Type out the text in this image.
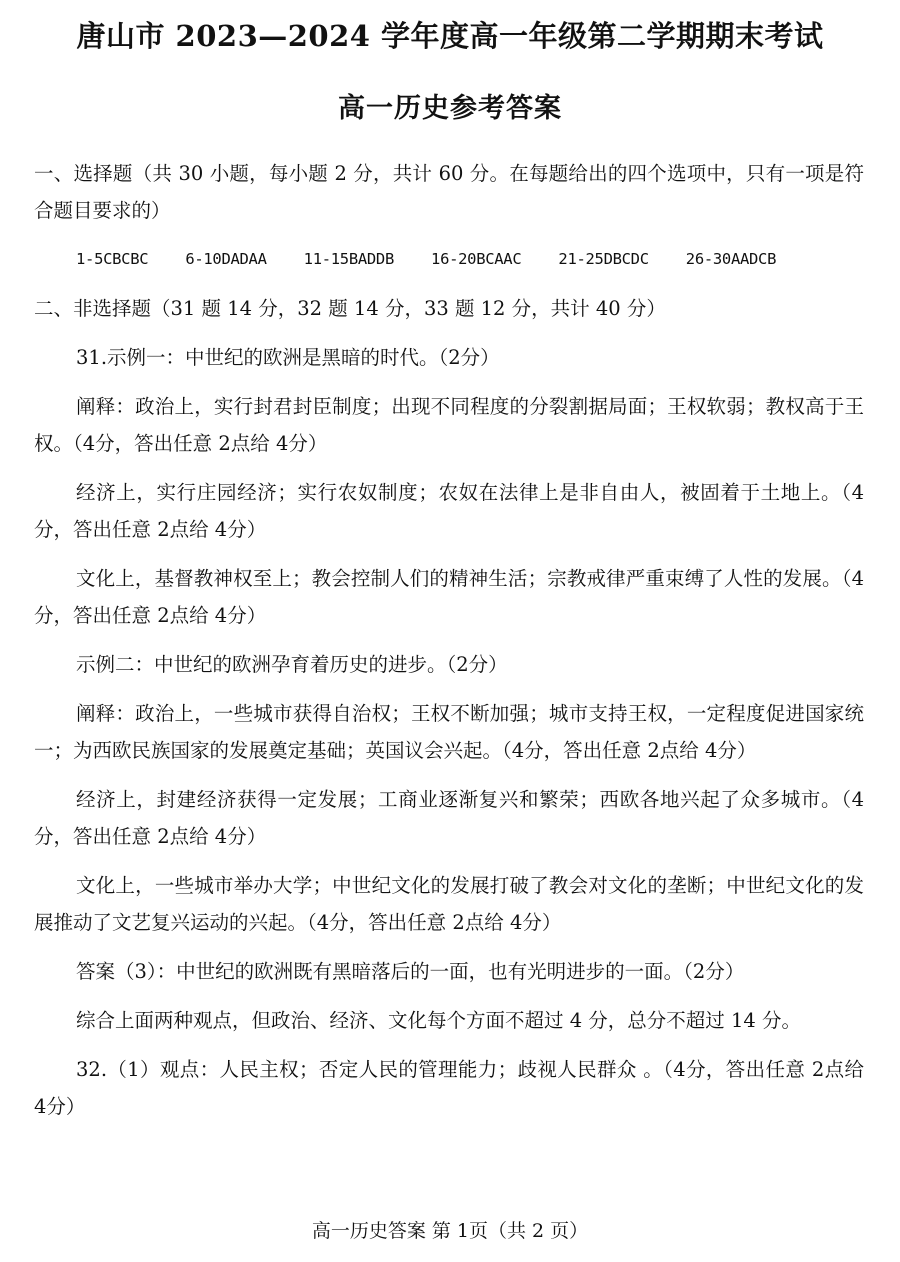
唐山市 2023—2024 学年度高一年级第二学期期末考试
高一历史参考答案

一、选择题（共 30 小题，每小题 2 分，共计 60 分。在每题给出的四个选项中，只有一项是符合题目要求的）

1-5CBCBC 6-10DADAA 11-15BADDB 16-20BCAAC 21-25DBCDC 26-30AADCB

二、非选择题（31 题 14 分，32 题 14 分，33 题 12 分，共计 40 分）

31.示例一：中世纪的欧洲是黑暗的时代。（2分）

阐释：政治上，实行封君封臣制度；出现不同程度的分裂割据局面；王权软弱；教权高于王权。（4分，答出任意 2点给 4分）

经济上，实行庄园经济；实行农奴制度；农奴在法律上是非自由人，被固着于土地上。（4分，答出任意 2点给 4分）

文化上，基督教神权至上；教会控制人们的精神生活；宗教戒律严重束缚了人性的发展。（4分，答出任意 2点给 4分）

示例二：中世纪的欧洲孕育着历史的进步。（2分）

阐释：政治上，一些城市获得自治权；王权不断加强；城市支持王权，一定程度促进国家统一；为西欧民族国家的发展奠定基础；英国议会兴起。（4分，答出任意 2点给 4分）

经济上，封建经济获得一定发展；工商业逐渐复兴和繁荣；西欧各地兴起了众多城市。（4分，答出任意 2点给 4分）

文化上，一些城市举办大学；中世纪文化的发展打破了教会对文化的垄断；中世纪文化的发展推动了文艺复兴运动的兴起。（4分，答出任意 2点给 4分）

答案（3）：中世纪的欧洲既有黑暗落后的一面，也有光明进步的一面。（2分）

综合上面两种观点，但政治、经济、文化每个方面不超过 4 分，总分不超过 14 分。

32.（1）观点：人民主权；否定人民的管理能力；歧视人民群众 。（4分，答出任意 2点给 4分）

高一历史答案 第 1页（共 2 页）
